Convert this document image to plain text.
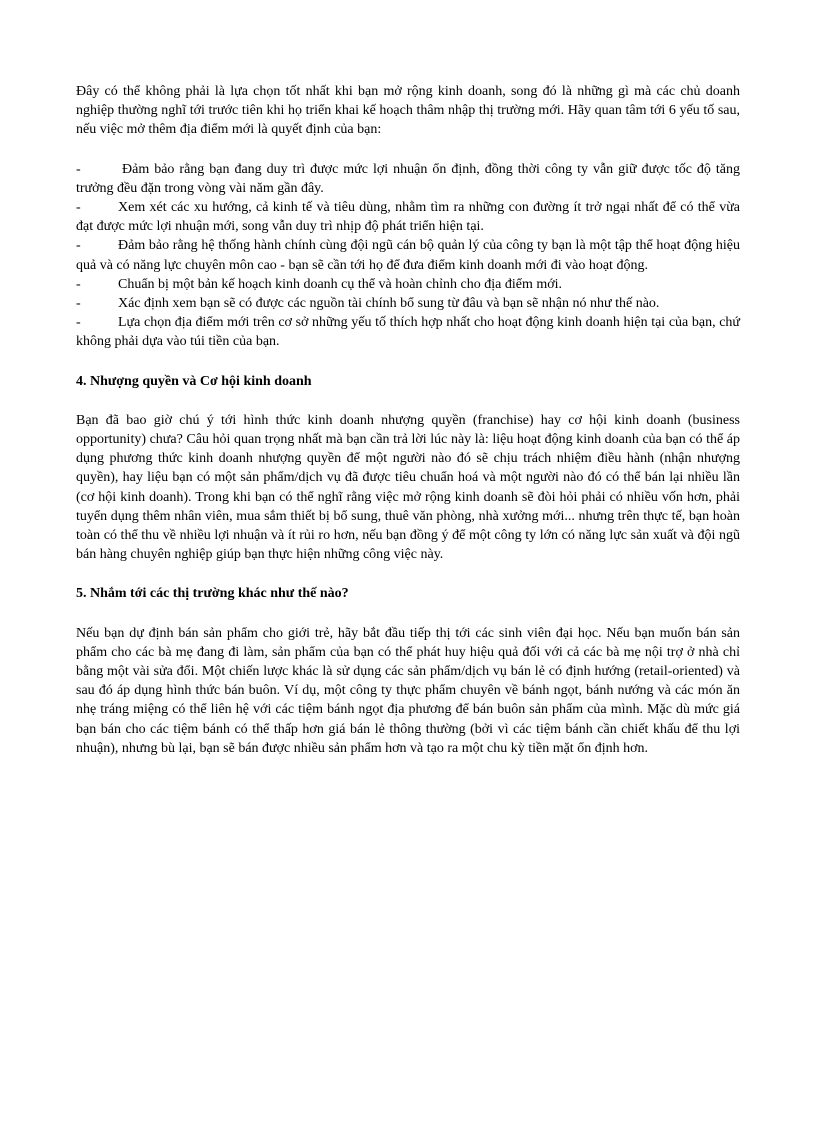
Đây có thể không phải là lựa chọn tốt nhất khi bạn mở rộng kinh doanh, song đó là những gì mà các chủ doanh nghiệp thường nghĩ tới trước tiên khi họ triển khai kế hoạch thâm nhập thị trường mới. Hãy quan tâm tới 6 yếu tố sau, nếu việc mở thêm địa điểm mới là quyết định của bạn:

-	Đảm bảo rằng bạn đang duy trì được mức lợi nhuận ổn định, đồng thời công ty vẫn giữ được tốc độ tăng trưởng đều đặn trong vòng vài năm gần đây.
-	Xem xét các xu hướng, cả kinh tế và tiêu dùng, nhằm tìm ra những con đường ít trở ngại nhất để có thể vừa đạt được mức lợi nhuận mới, song vẫn duy trì nhịp độ phát triển hiện tại.
-	Đảm bảo rằng hệ thống hành chính cùng đội ngũ cán bộ quản lý của công ty bạn là một tập thể hoạt động hiệu quả và có năng lực chuyên môn cao - bạn sẽ cần tới họ để đưa điểm kinh doanh mới đi vào hoạt động.
-	Chuẩn bị một bản kế hoạch kinh doanh cụ thể và hoàn chỉnh cho địa điểm mới.
-	Xác định xem bạn sẽ có được các nguồn tài chính bổ sung từ đâu và bạn sẽ nhận nó như thế nào.
-	Lựa chọn địa điểm mới trên cơ sở những yếu tố thích hợp nhất cho hoạt động kinh doanh hiện tại của bạn, chứ không phải dựa vào túi tiền của bạn.
4. Nhượng quyền và Cơ hội kinh doanh

Bạn đã bao giờ chú ý tới hình thức kinh doanh nhượng quyền (franchise) hay cơ hội kinh doanh (business opportunity) chưa? Câu hỏi quan trọng nhất mà bạn cần trả lời lúc này là: liệu hoạt động kinh doanh của bạn có thể áp dụng phương thức kinh doanh nhượng quyền để một người nào đó sẽ chịu trách nhiệm điều hành (nhận nhượng quyền), hay liệu bạn có một sản phẩm/dịch vụ đã được tiêu chuẩn hoá và một người nào đó có thể bán lại nhiều lần (cơ hội kinh doanh). Trong khi bạn có thể nghĩ rằng việc mở rộng kinh doanh sẽ đòi hỏi phải có nhiều vốn hơn, phải tuyển dụng thêm nhân viên, mua sắm thiết bị bổ sung, thuê văn phòng, nhà xưởng mới... nhưng trên thực tế, bạn hoàn toàn có thể thu về nhiều lợi nhuận và ít rủi ro hơn, nếu bạn đồng ý để một công ty lớn có năng lực sản xuất và đội ngũ bán hàng chuyên nghiệp giúp bạn thực hiện những công việc này.

5. Nhắm tới các thị trường khác như thế nào?

Nếu bạn dự định bán sản phẩm cho giới trẻ, hãy bắt đầu tiếp thị tới các sinh viên đại học. Nếu bạn muốn bán sản phẩm cho các bà mẹ đang đi làm, sản phẩm của bạn có thể phát huy hiệu quả đối với cả các bà mẹ nội trợ ở nhà chỉ bằng một vài sửa đổi. Một chiến lược khác là sử dụng các sản phẩm/dịch vụ bán lẻ có định hướng (retail-oriented) và sau đó áp dụng hình thức bán buôn. Ví dụ, một công ty thực phẩm chuyên về bánh ngọt, bánh nướng và các món ăn nhẹ tráng miệng có thể liên hệ với các tiệm bánh ngọt địa phương để bán buôn sản phẩm của mình. Mặc dù mức giá bạn bán cho các tiệm bánh có thể thấp hơn giá bán lẻ thông thường (bởi vì các tiệm bánh cần chiết khấu để thu lợi nhuận), nhưng bù lại, bạn sẽ bán được nhiều sản phẩm hơn và tạo ra một chu kỳ tiền mặt ổn định hơn.
